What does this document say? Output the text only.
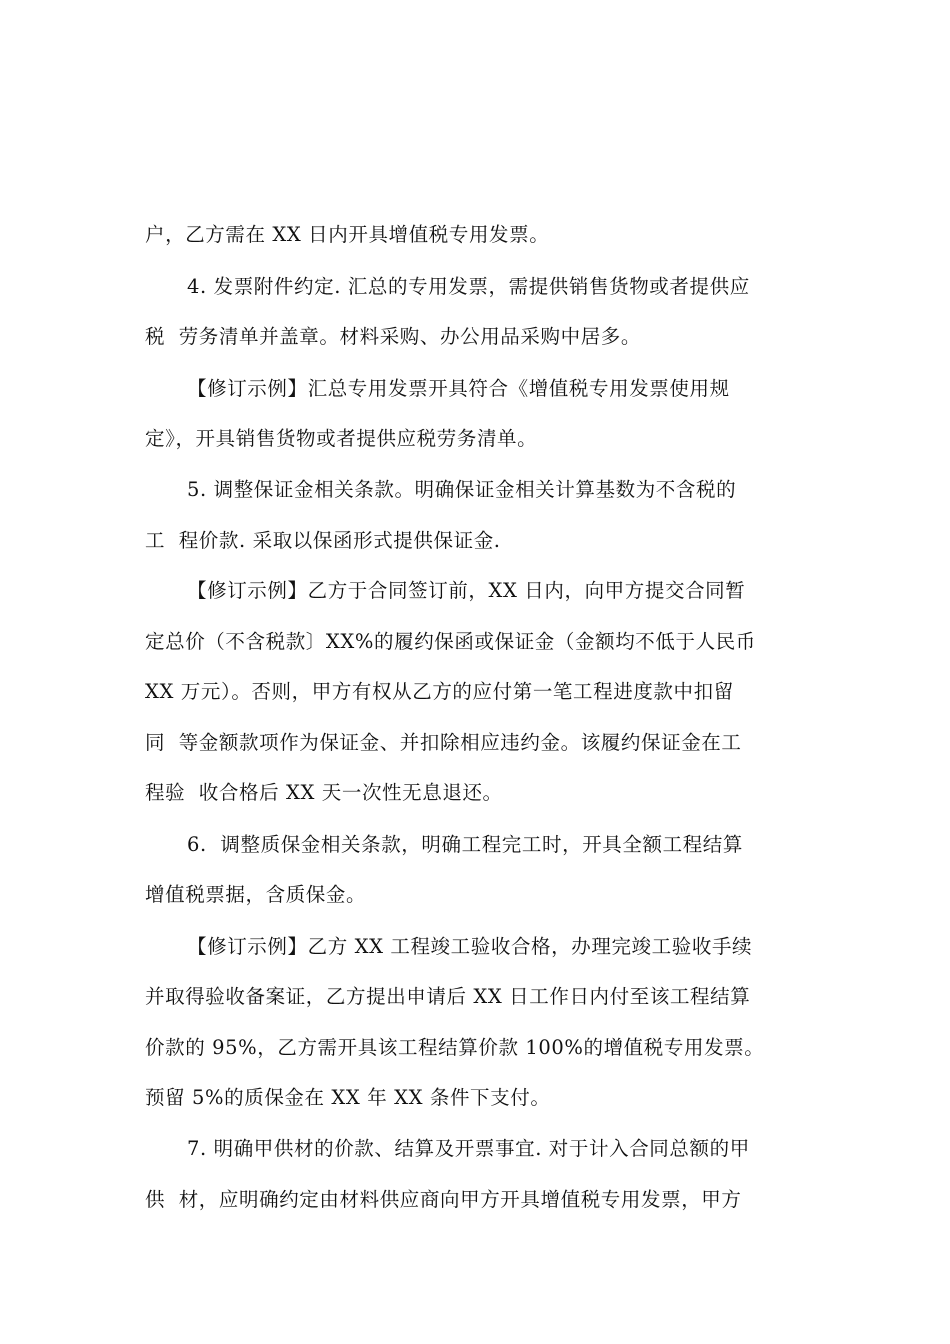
户，乙方需在 XX 日内开具增值税专用发票。
4. 发票附件约定. 汇总的专用发票，需提供销售货物或者提供应
税  劳务清单并盖章。材料采购、办公用品采购中居多。
【修订示例】汇总专用发票开具符合《增值税专用发票使用规
定》，开具销售货物或者提供应税劳务清单。
5. 调整保证金相关条款。明确保证金相关计算基数为不含税的
工  程价款. 采取以保函形式提供保证金.
【修订示例】乙方于合同签订前，XX 日内，向甲方提交合同暂
定总价（不含税款〕XX%的履约保函或保证金（金额均不低于人民币
XX 万元）。否则，甲方有权从乙方的应付第一笔工程进度款中扣留
同  等金额款项作为保证金、并扣除相应违约金。该履约保证金在工
程验  收合格后 XX 天一次性无息退还。
6.  调整质保金相关条款，明确工程完工时，开具全额工程结算
增值税票据，含质保金。
【修订示例】乙方 XX 工程竣工验收合格，办理完竣工验收手续
并取得验收备案证，乙方提出申请后 XX 日工作日内付至该工程结算
价款的 95%，乙方需开具该工程结算价款 100%的增值税专用发票。
预留 5%的质保金在 XX 年 XX 条件下支付。
7. 明确甲供材的价款、结算及开票事宜. 对于计入合同总额的甲
供  材，应明确约定由材料供应商向甲方开具增值税专用发票，甲方
